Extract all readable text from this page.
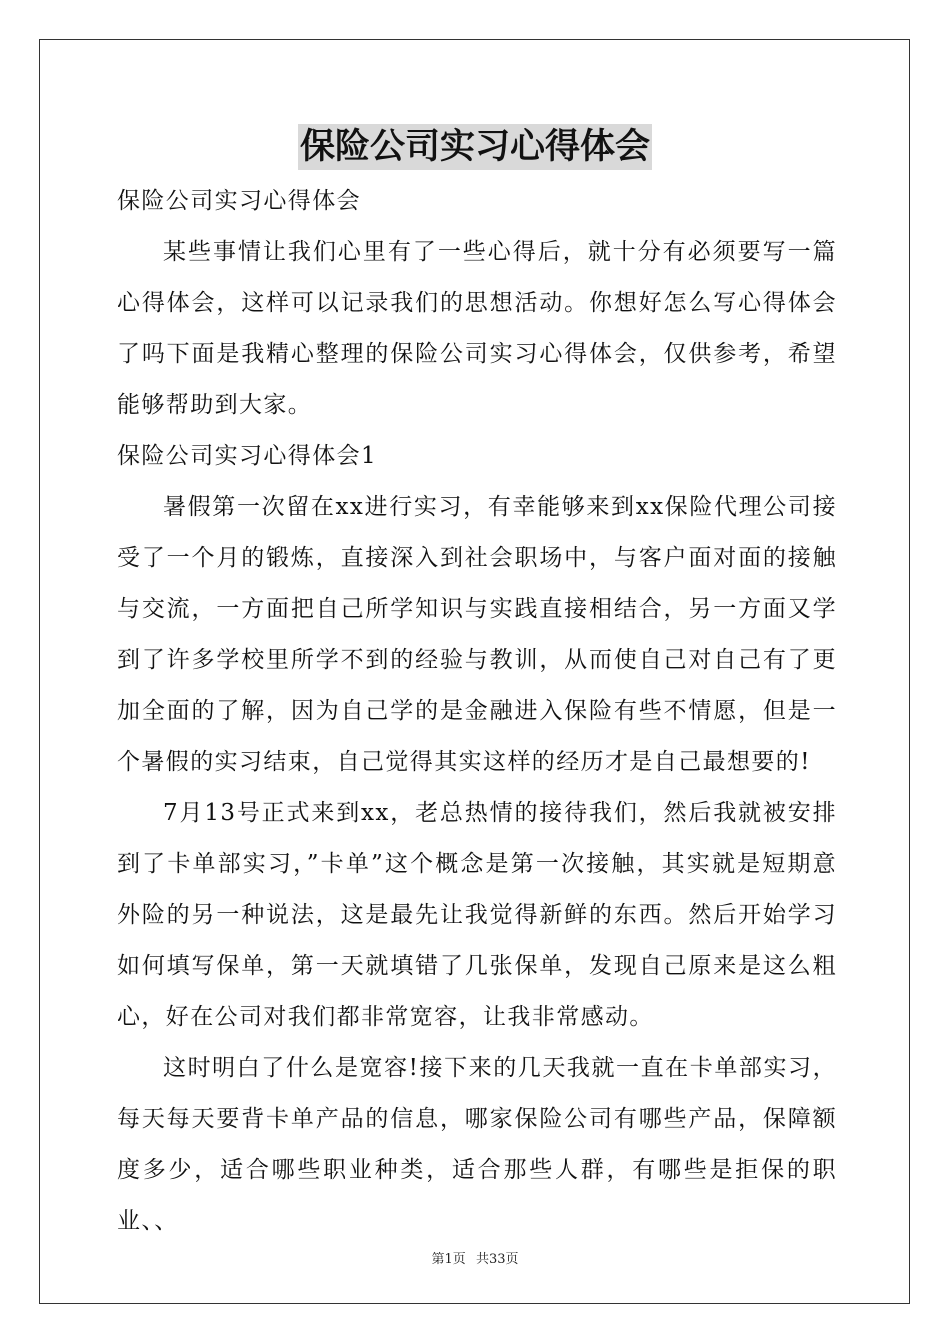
保险公司实习心得体会
保险公司实习心得体会

某些事情让我们心里有了一些心得后，就十分有必须要写一篇心得体会，这样可以记录我们的思想活动。你想好怎么写心得体会了吗下面是我精心整理的保险公司实习心得体会，仅供参考，希望能够帮助到大家。

保险公司实习心得体会1

暑假第一次留在xx进行实习，有幸能够来到xx保险代理公司接受了一个月的锻炼，直接深入到社会职场中，与客户面对面的接触与交流，一方面把自己所学知识与实践直接相结合，另一方面又学到了许多学校里所学不到的经验与教训，从而使自己对自己有了更加全面的了解，因为自己学的是金融进入保险有些不情愿，但是一个暑假的实习结束，自己觉得其实这样的经历才是自己最想要的!

7月13号正式来到xx，老总热情的接待我们，然后我就被安排到了卡单部实习，”卡单”这个概念是第一次接触，其实就是短期意外险的另一种说法，这是最先让我觉得新鲜的东西。然后开始学习如何填写保单，第一天就填错了几张保单，发现自己原来是这么粗心，好在公司对我们都非常宽容，让我非常感动。

这时明白了什么是宽容!接下来的几天我就一直在卡单部实习，每天每天要背卡单产品的信息，哪家保险公司有哪些产品，保障额度多少，适合哪些职业种类，适合那些人群，有哪些是拒保的职业、、

第1页 共33页
